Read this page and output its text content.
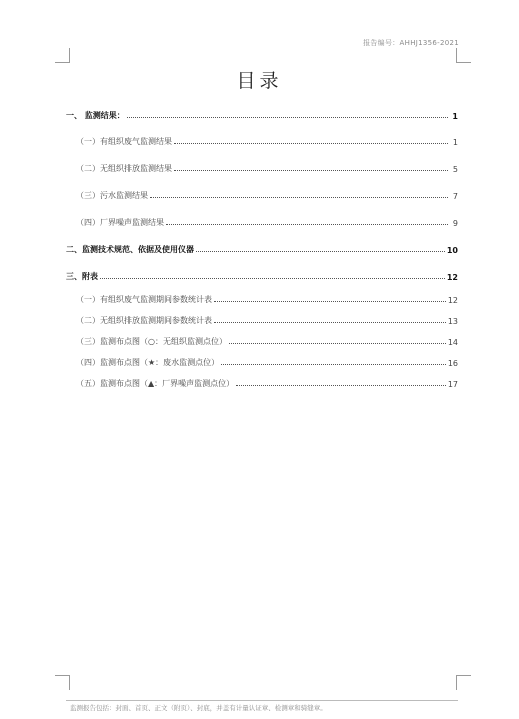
报告编号：AHHJ1356-2021
目录
一、 监测结果：	1
（一）有组织废气监测结果	1
（二）无组织排放监测结果	5
（三）污水监测结果	7
（四）厂界噪声监测结果	9
二、监测技术规范、依据及使用仪器	10
三、附表	12
（一）有组织废气监测期间参数统计表	12
（二）无组织排放监测期间参数统计表	13
（三）监测布点图（○：无组织监测点位）	14
（四）监测布点图（★：废水监测点位）	16
（五）监测布点图（▲：厂界噪声监测点位）	17
监测报告包括：封面、首页、正文（附页）、封底，并盖有计量认证章、检测章和骑缝章。
